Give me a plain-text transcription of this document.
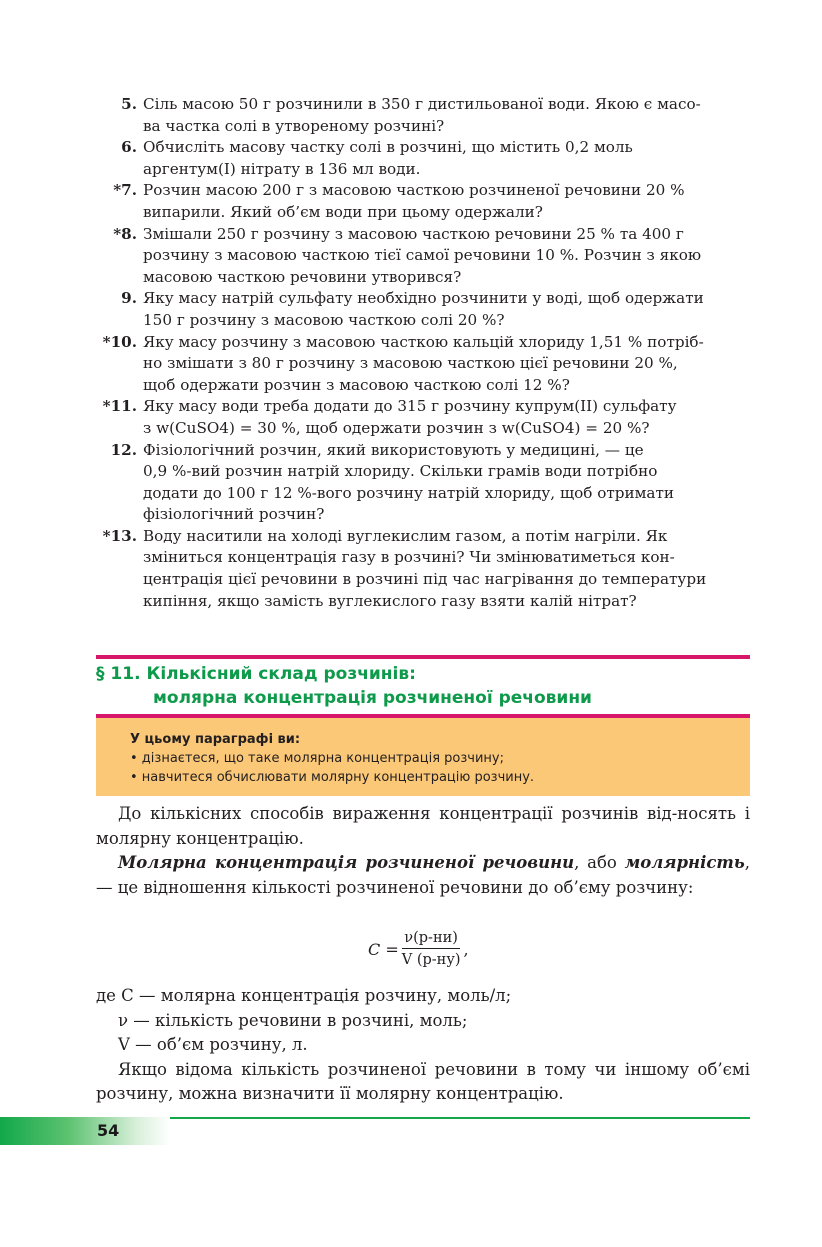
5. Сіль масою 50 г розчинили в 350 г дистильованої води. Якою є масо-
ва частка солі в утвореному розчині?
6. Обчисліть масову частку солі в розчині, що містить 0,2 моль
аргентум(I) нітрату в 136 мл води.
*7. Розчин масою 200 г з масовою часткою розчиненої речовини 20 %
випарили. Який об’єм води при цьому одержали?
*8. Змішали 250 г розчину з масовою часткою речовини 25 % та 400 г
розчину з масовою часткою тієї самої речовини 10 %. Розчин з якою
масовою часткою речовини утворився?
9. Яку масу натрій сульфату необхідно розчинити у воді, щоб одержати
150 г розчину з масовою часткою солі 20 %?
*10. Яку масу розчину з масовою часткою кальцій хлориду 1,51 % потріб-
но змішати з 80 г розчину з масовою часткою цієї речовини 20 %,
щоб одержати розчин з масовою часткою солі 12 %?
*11. Яку масу води треба додати до 315 г розчину купрум(II) сульфату
з w(CuSO4) = 30 %, щоб одержати розчин з w(CuSO4) = 20 %?
12. Фізіологічний розчин, який використовують у медицині, — це
0,9 %-вий розчин натрій хлориду. Скільки грамів води потрібно
додати до 100 г 12 %-вого розчину натрій хлориду, щоб отримати
фізіологічний розчин?
*13. Воду наситили на холоді вуглекислим газом, а потім нагріли. Як
зміниться концентрація газу в розчині? Чи змінюватиметься кон-
центрація цієї речовини в розчині під час нагрівання до температури
кипіння, якщо замість вуглекислого газу взяти калій нітрат?
§ 11. Кількісний склад розчинів:
молярна концентрація розчиненої речовини
У цьому параграфі ви:
• дізнаєтеся, що таке молярна концентрація розчину;
• навчитеся обчислювати молярну концентрацію розчину.

До кількісних способів вираження концентрації розчинів від-носять і молярну концентрацію.

Молярна концентрація розчиненої речовини, або молярність, — це відношення кількості розчиненої речовини до об’єму розчину:

$C = \frac{\nu(р-ни)}{V (р-ну)}$ ,
де C — молярна концентрація розчину, моль/л;
ν — кількість речовини в розчині, моль;
V — об’єм розчину, л.
Якщо відома кількість розчиненої речовини в тому чи іншому об’ємі розчину, можна визначити її молярну концентрацію.
54
